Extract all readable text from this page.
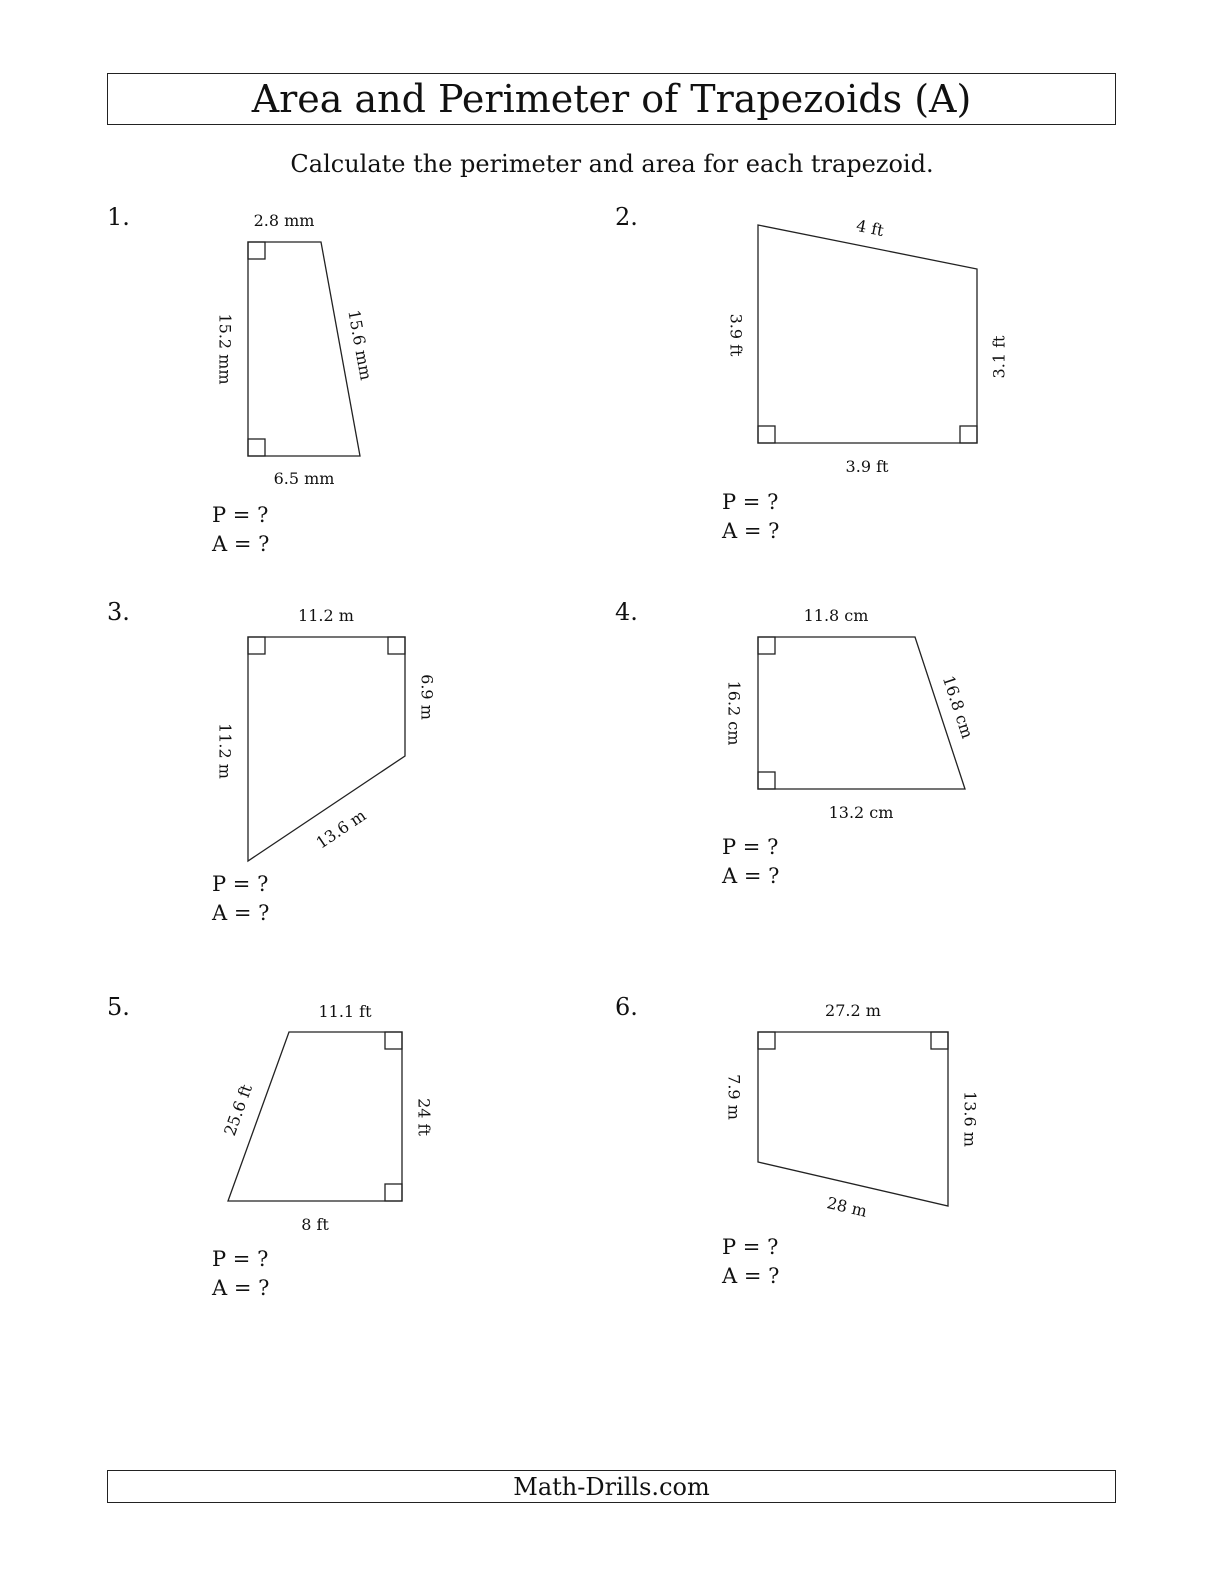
Area and Perimeter of Trapezoids (A)
Calculate the perimeter and area for each trapezoid.
1.	2.
3.	4.
5.	6.
2.8 mm
15.6 mm
6.5 mm
15.2 mm
4 ft
3.1 ft
3.9 ft
3.9 ft
11.2 m
6.9 m
13.6 m
11.2 m
11.8 cm
16.8 cm
13.2 cm
16.2 cm
11.1 ft
24 ft
8 ft
25.6 ft
27.2 m
13.6 m
28 m
7.9 m
P = ?
A = ?
P = ?
A = ?
P = ?
A = ?
P = ?
A = ?
P = ?
A = ?
P = ?
A = ?
Math-Drills.com
